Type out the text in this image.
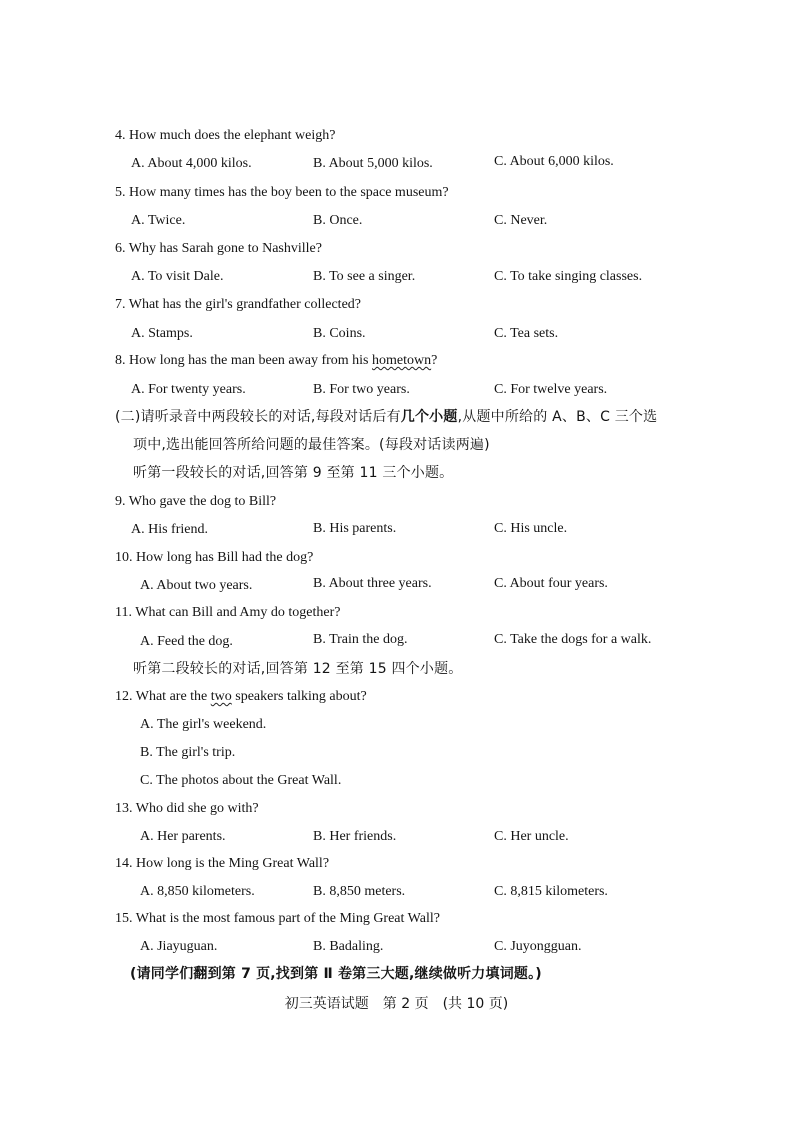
4. How much does the elephant weigh?
A. About 4,000 kilos.	B. About 5,000 kilos.	C. About 6,000 kilos.
5. How many times has the boy been to the space museum?
A. Twice.	B. Once.	C. Never.
6. Why has Sarah gone to Nashville?
A. To visit Dale.	B. To see a singer.	C. To take singing classes.
7. What has the girl's grandfather collected?
A. Stamps.	B. Coins.	C. Tea sets.
8. How long has the man been away from his hometown?
A. For twenty years.	B. For two years.	C. For twelve years.
(二)请听录音中两段较长的对话,每段对话后有几个小题,从题中所给的 A、B、C 三个选
项中,选出能回答所给问题的最佳答案。(每段对话读两遍)
听第一段较长的对话,回答第 9 至第 11 三个小题。
9. Who gave the dog to Bill?
A. His friend.	B. His parents.	C. His uncle.
10. How long has Bill had the dog?
A. About two years.	B. About three years.	C. About four years.
11. What can Bill and Amy do together?
A. Feed the dog.	B. Train the dog.	C. Take the dogs for a walk.
听第二段较长的对话,回答第 12 至第 15 四个小题。
12. What are the two speakers talking about?
A. The girl's weekend.
B. The girl's trip.
C. The photos about the Great Wall.
13. Who did she go with?
A. Her parents.	B. Her friends.	C. Her uncle.
14. How long is the Ming Great Wall?
A. 8,850 kilometers.	B. 8,850 meters.	C. 8,815 kilometers.
15. What is the most famous part of the Ming Great Wall?
A. Jiayuguan.	B. Badaling.	C. Juyongguan.
(请同学们翻到第 7 页,找到第 Ⅱ 卷第三大题,继续做听力填词题。)
初三英语试题　第 2 页　(共 10 页)
